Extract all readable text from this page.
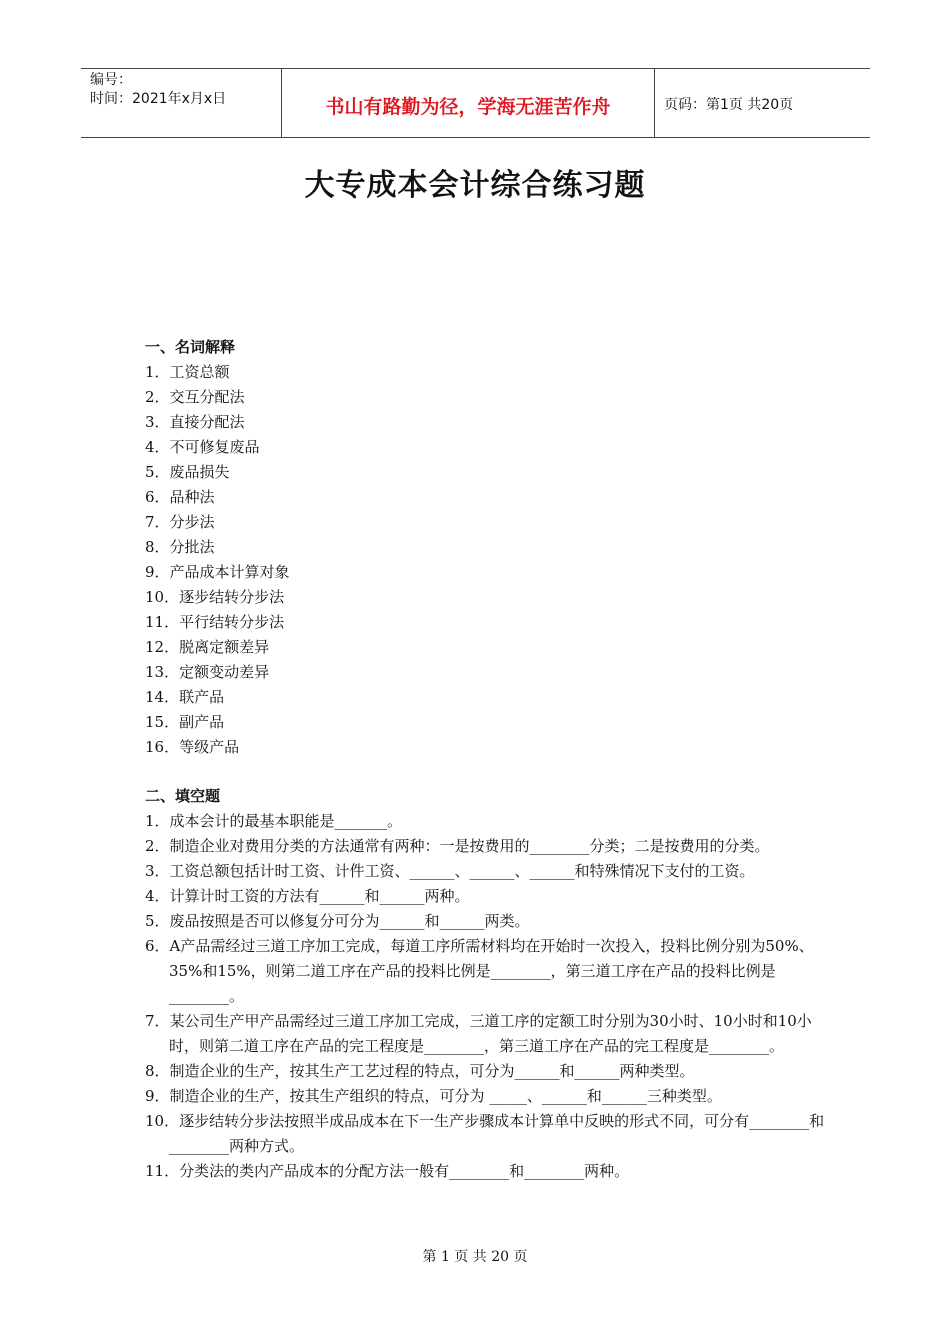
编号：
时间：2021年x月x日	书山有路勤为径，学海无涯苦作舟	页码：第1页 共20页
大专成本会计综合练习题
一、名词解释
1．工资总额
2．交互分配法
3．直接分配法
4．不可修复废品
5．废品损失
6．品种法
7．分步法
8．分批法
9．产品成本计算对象
10．逐步结转分步法
11．平行结转分步法
12．脱离定额差异
13．定额变动差异
14．联产品
15．副产品
16．等级产品
二、填空题
1．成本会计的最基本职能是_______。
2．制造企业对费用分类的方法通常有两种：一是按费用的________分类；二是按费用的分类。
3．工资总额包括计时工资、计件工资、______、______、______和特殊情况下支付的工资。
4．计算计时工资的方法有______和______两种。
5．废品按照是否可以修复分可分为______和______两类。
6．A产品需经过三道工序加工完成，每道工序所需材料均在开始时一次投入，投料比例分别为50%、35%和15%，则第二道工序在产品的投料比例是________，第三道工序在产品的投料比例是________。
7．某公司生产甲产品需经过三道工序加工完成，三道工序的定额工时分别为30小时、10小时和10小时，则第二道工序在产品的完工程度是________，第三道工序在产品的完工程度是________。
8．制造企业的生产，按其生产工艺过程的特点，可分为______和______两种类型。
9．制造企业的生产，按其生产组织的特点，可分为 _____、______和______三种类型。
10．逐步结转分步法按照半成品成本在下一生产步骤成本计算单中反映的形式不同，可分有________和________两种方式。
11．分类法的类内产品成本的分配方法一般有________和________两种。
第 1 页 共 20 页
